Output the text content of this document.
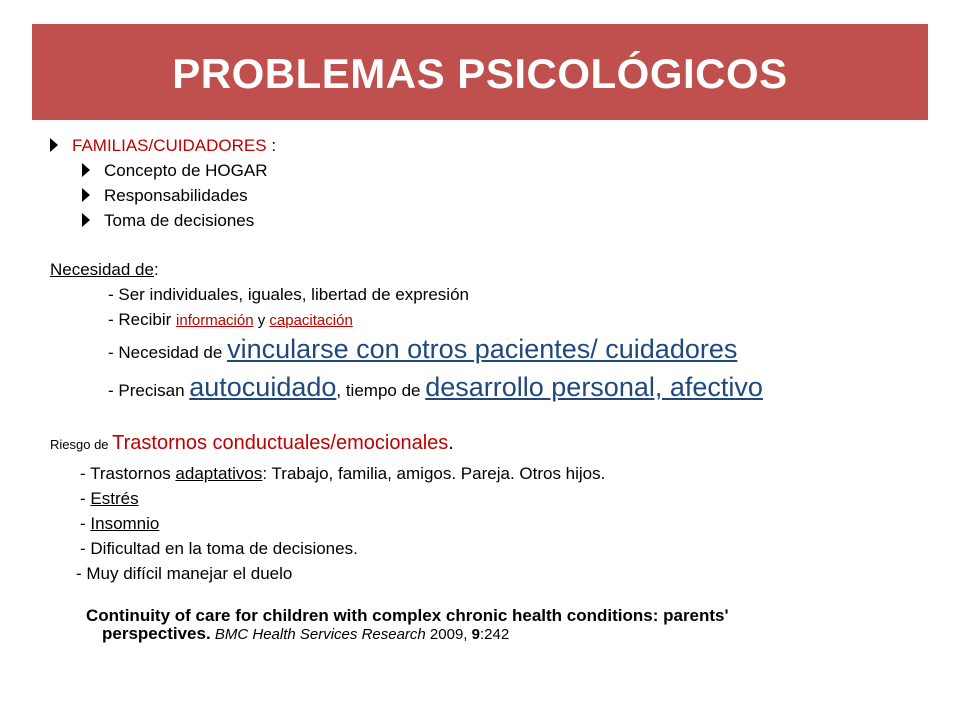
PROBLEMAS PSICOLÓGICOS
FAMILIAS/CUIDADORES :
Concepto de HOGAR
Responsabilidades
Toma de decisiones
Necesidad de:
- Ser individuales, iguales, libertad de expresión
- Recibir información y capacitación
- Necesidad de vincularse con otros pacientes/ cuidadores
- Precisan autocuidado, tiempo de desarrollo personal, afectivo
Riesgo de Trastornos conductuales/emocionales.
- Trastornos adaptativos: Trabajo, familia, amigos. Pareja. Otros hijos.
- Estrés
- Insomnio
- Dificultad en la toma de decisiones.
- Muy difícil manejar el duelo
Continuity of care for children with complex chronic health conditions: parents'
perspectives. BMC Health Services Research 2009, 9:242
